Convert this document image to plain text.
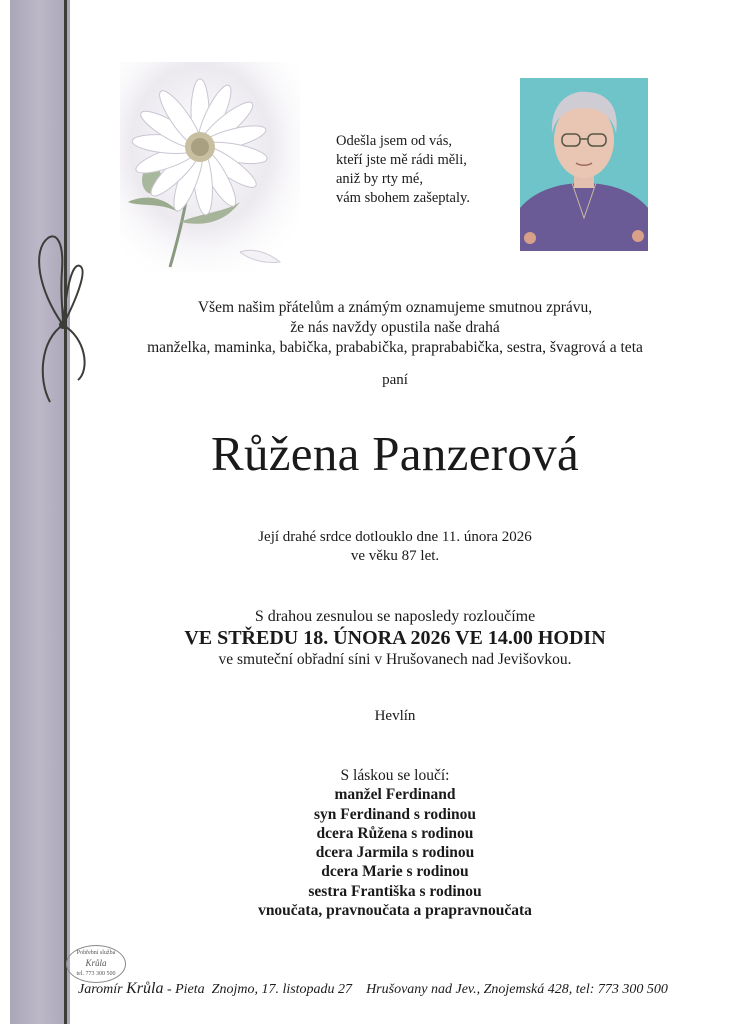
Odešla jsem od vás,
kteří jste mě rádi měli,
aniž by rty mé,
vám sbohem zašeptaly.
Všem našim přátelům a známým oznamujeme smutnou zprávu,
že nás navždy opustila naše drahá
manželka, maminka, babička, prababička, praprababička, sestra, švagrová a teta
paní
Růžena Panzerová
Její drahé srdce dotlouklo dne 11. února 2026
ve věku 87 let.
S drahou zesnulou se naposledy rozloučíme
VE STŘEDU 18. ÚNORA 2026 VE 14.00 HODIN
ve smuteční obřadní síni v Hrušovanech nad Jevišovkou.
Hevlín
S láskou se loučí:
manžel Ferdinand
syn Ferdinand s rodinou
dcera Růžena s rodinou
dcera Jarmila s rodinou
dcera Marie s rodinou
sestra Františka s rodinou
vnoučata, pravnoučata a prapravnoučata
Pohřební služba
Krůla
tel. 773 300 500
Jaromír Krůla - Pieta Znojmo, 17. listopadu 27 Hrušovany nad Jev., Znojemská 428, tel: 773 300 500
